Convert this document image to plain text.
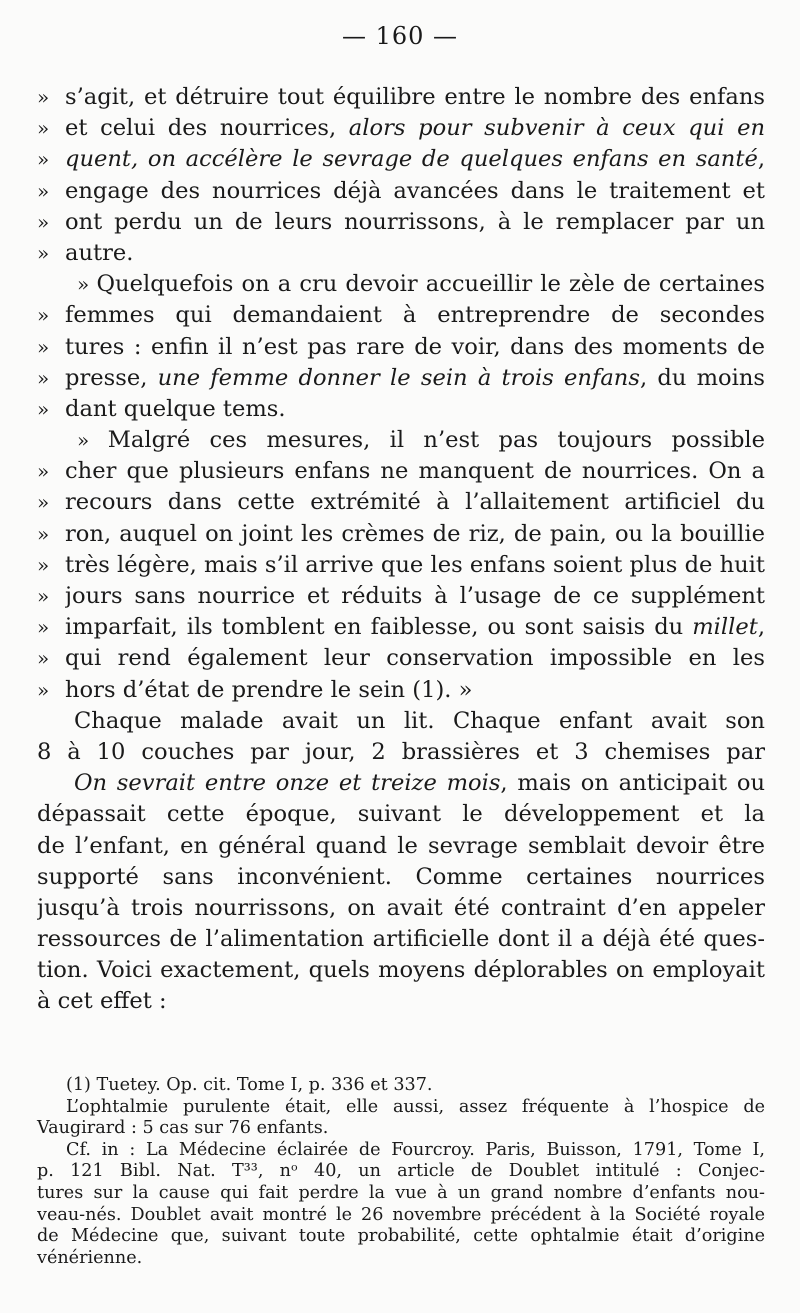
— 160 —
» s’agit, et détruire tout équilibre entre le nombre des enfans
» et celui des nourrices, alors pour subvenir à ceux qui en
» quent, on accélère le sevrage de quelques enfans en santé,
» engage des nourrices déjà avancées dans le traitement et
» ont perdu un de leurs nourrissons, à le remplacer par un
» autre.
» Quelquefois on a cru devoir accueillir le zèle de certaines
» femmes qui demandaient à entreprendre de secondes
» tures : enfin il n’est pas rare de voir, dans des moments de
» presse, une femme donner le sein à trois enfans, du moins
» dant quelque tems.
» Malgré ces mesures, il n’est pas toujours possible
» cher que plusieurs enfans ne manquent de nourrices. On a
» recours dans cette extrémité à l’allaitement artificiel du
» ron, auquel on joint les crèmes de riz, de pain, ou la bouillie
» très légère, mais s’il arrive que les enfans soient plus de huit
» jours sans nourrice et réduits à l’usage de ce supplément
» imparfait, ils tomblent en faiblesse, ou sont saisis du millet,
» qui rend également leur conservation impossible en les
» hors d’état de prendre le sein (1). »
Chaque malade avait un lit. Chaque enfant avait son
8 à 10 couches par jour, 2 brassières et 3 chemises par
On sevrait entre onze et treize mois, mais on anticipait ou
dépassait cette époque, suivant le développement et la
de l’enfant, en général quand le sevrage semblait devoir être
supporté sans inconvénient. Comme certaines nourrices
jusqu’à trois nourrissons, on avait été contraint d’en appeler
ressources de l’alimentation artificielle dont il a déjà été ques-
tion. Voici exactement, quels moyens déplorables on employait
à cet effet :
(1) Tuetey. Op. cit. Tome I, p. 336 et 337.
L’ophtalmie purulente était, elle aussi, assez fréquente à l’hospice de
Vaugirard : 5 cas sur 76 enfants.
Cf. in : La Médecine éclairée de Fourcroy. Paris, Buisson, 1791, Tome I,
p. 121 Bibl. Nat. T³³, nᵒ 40, un article de Doublet intitulé : Conjec-
tures sur la cause qui fait perdre la vue à un grand nombre d’enfants nou-
veau-nés. Doublet avait montré le 26 novembre précédent à la Société royale
de Médecine que, suivant toute probabilité, cette ophtalmie était d’origine
vénérienne.
